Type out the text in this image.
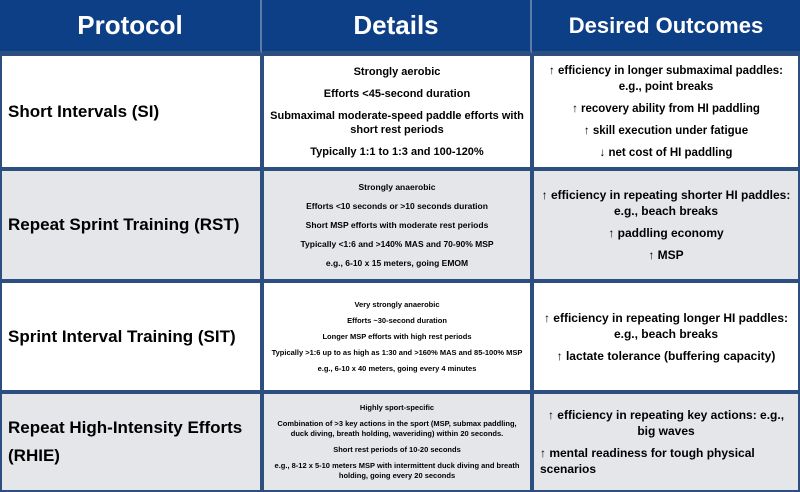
Protocol	Details	Desired Outcomes
Short Intervals (SI)
Strongly aerobic
Efforts <45-second duration
Submaximal moderate-speed paddle efforts with short rest periods
Typically 1:1 to 1:3 and 100-120%
↑ efficiency in longer submaximal paddles: e.g., point breaks
↑ recovery ability from HI paddling
↑ skill execution under fatigue
↓ net cost of HI paddling
Repeat Sprint Training (RST)
Strongly anaerobic
Efforts <10 seconds or >10 seconds duration
Short MSP efforts with moderate rest periods
Typically <1:6 and >140% MAS and 70-90% MSP
e.g., 6-10 x 15 meters, going EMOM
↑ efficiency in repeating shorter HI paddles: e.g., beach breaks
↑ paddling economy
↑ MSP
Sprint Interval Training (SIT)
Very strongly anaerobic
Efforts ~30-second duration
Longer MSP efforts with high rest periods
Typically >1:6 up to as high as 1:30 and >160% MAS and 85-100% MSP
e.g., 6-10 x 40 meters, going every 4 minutes
↑ efficiency in repeating longer HI paddles: e.g., beach breaks
↑ lactate tolerance (buffering capacity)
Repeat High-Intensity Efforts (RHIE)
Highly sport-specific
Combination of >3 key actions in the sport (MSP, submax paddling, duck diving, breath holding, waveriding) within 20 seconds.
Short rest periods of 10-20 seconds
e.g., 8-12 x 5-10 meters MSP with intermittent duck diving and breath holding, going every 20 seconds
↑ efficiency in repeating key actions: e.g., big waves
↑ mental readiness for tough physical scenarios
